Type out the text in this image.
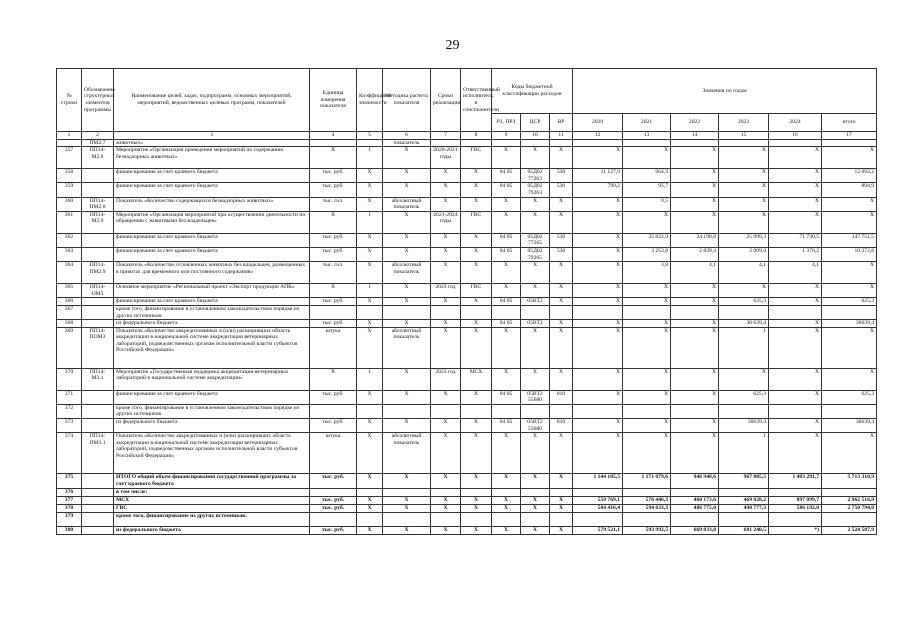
29
№ строки	Обозначение структурных элементов программы	Наименование целей, задач, подпрограмм, основных мероприятий, мероприятий, ведомственных целевых программ, показателей	Единица измерения показателя	Коэффициент значимости	Методика расчета показателя	Сроки реализации	Ответственный исполнитель и соисполнители	Коды бюджетной классификации расходов			Значения по годам					
								РЗ, ПРЗ	ЦСР	ВР	2020	2021	2022	2023	2024	итого
1	2	3	4	5	6	7	8	9	10	11	12	13	14	15	16	17
	ПМ2.7	животных»			показатель											
357	ПП14-М2.8	Мероприятие «Организация проведения мероприятий по содержанию безнадзорных животных»	X	1	X	2020-2021 годы	ГВС	X	X	X	X	X	X	X	X	X
358		финансирование за счет краевого бюджета	тыс. руб.	X	X	X	X	04 05	05Д02 77263	530	11 127,9	964,3	X	X	X	12 092,2
359		финансирование за счет краевого бюджета	тыс. руб.	X	X	X	X	04 05	05Д02 79263	530	799,2	95,7	X	X	X	894,9
360	ПП14-ПМ2.8	Показатель «Количество содержащихся безнадзорных животных»	тыс. гол.	X	абсолютный показатель	X	X	X	X	X	X	0,5	X	X	X	X
361	ПП14-М2.9	Мероприятие «Организация мероприятий при осуществлении деятельности по обращению с животными без владельцев»	X	1	X	2021-2024 годы	ГВС	X	X	X	X	X	X	X	X	X
362		финансирование за счет краевого бюджета	тыс. руб.	X	X	X	X	04 05	05Д02 77265	530	X	25 822,9	24 198,8	25 999,3	71 730,5	147 751,5
363		финансирование за счет краевого бюджета	тыс. руб.	X	X	X	X	04 05	05Д02 79265	530	X	3 253,8	2 839,4	2 909,4	1 370,2	10 372,8
364	ПП14-ПМ2.9	Показатель «Количество отловленных животных без владельцев, размещенных в приютах для временного или постоянного содержания»	тыс. гол.	X	абсолютный показатель	X	X	X	X	X	X	3,8	4,1	4,1	4,1	X
365	ПП14-ОМ3	Основное мероприятие «Региональный проект «Экспорт продукции АПК»	X	1	X	2023 год	ГВС	X	X	X	X	X	X	X	X	X
366		финансирование за счет краевого бюджета	тыс. руб.	X	X	X	X	04 05	05ВТ2	X	X	X	X	625,3	X	625,3
367		кроме того, финансирование в установленном законодательством порядке из других источников:														
368		из федерального бюджета	тыс. руб.	X	X	X	X	04 05	05ВТ2	X	X	X	X	30 639,4	X	30639,4
369	ПП14-ПОМ3	Показатель «Количество аккредитованных в (или) расширивших область аккредитации в национальной системе аккредитации ветеринарных лабораторий, подведомственных органам исполнительной власти субъектов Российской Федерации»	штука	X	абсолютный показатель	X	X	X	X	X	X	X	X	1	X	X
370	ПП14-М3.1	Мероприятие «Государственная поддержка аккредитации ветеринарных лабораторий в национальной системе аккредитации»	X	1	X	2023 год	МСХ	X	X	X	X	X	X	X	X	X
371		финансирование за счет краевого бюджета	тыс. руб.	X	X	X	X	04 05	05ВТ2 55680	810	X	X	X	625,3	X	625,3
372		кроме того, финансирование в установленном законодательством порядке из других источников														
373		из федерального бюджета	тыс. руб.	X	X	X	X	04 05	05ВТ2 55680	810	X	X	X	30639,4	X	30639,4
374	ПП14-ПМ3.1	Показатель «Количество аккредитованных и (или) расширивших область аккредитации в национальной системе аккредитации ветеринарных лабораторий, подведомственных органам исполнительной власти субъектов Российской Федерации»	штука	X	абсолютный показатель	X	X	X	X	X	X	X	X	1	X	X
375		ИТОГО общий объем финансирования государственной программы за счет краевого бюджета	тыс. руб.	X	X	X	X	X	X	X	1 144 185,5	1 171 079,6	946 948,6	967 805,5	1 483 291,7	5 713 310,9
376		в том числе:														
377		МСХ	тыс. руб.	X	X	X	X	X	X	X	559 769,1	576 446,3	460 173,6	469 028,2	897 099,7	2 962 516,9
378		ГВС	тыс. руб.	X	X	X	X	X	X	X	584 416,4	594 633,3	486 775,0	498 777,3	586 192,0	2 750 794,0
379		кроме того, финансирование из других источников:														
380		из федерального бюджета	тыс. руб.	X	X	X	X	X	X	X	579 521,1	593 992,5	669 833,8	681 240,5	*)	2 524 587,9
